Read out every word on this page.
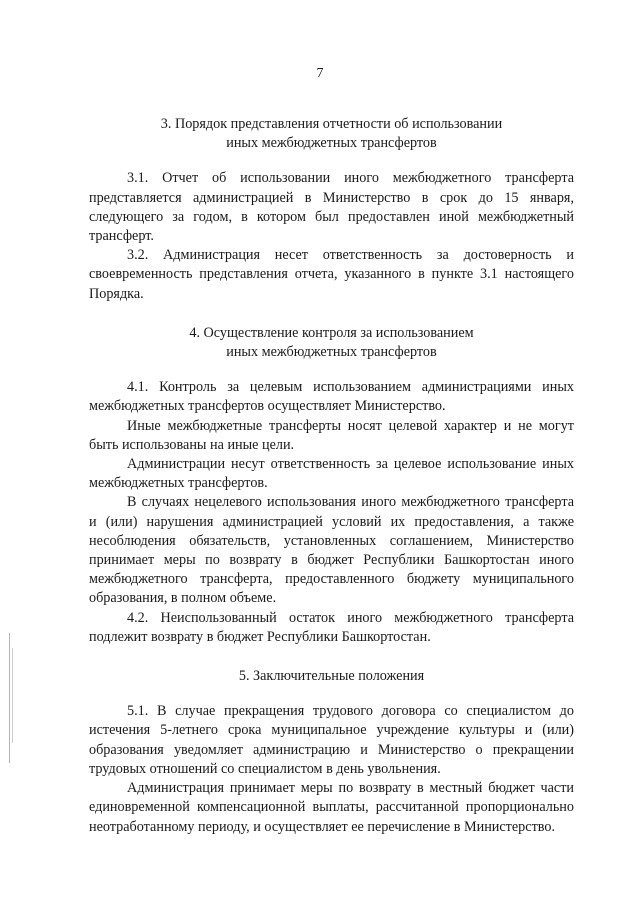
7
3. Порядок представления отчетности об использовании
иных межбюджетных трансфертов

3.1. Отчет об использовании иного межбюджетного трансферта представляется администрацией в Министерство в срок до 15 января, следующего за годом, в котором был предоставлен иной межбюджетный трансферт.

3.2. Администрация несет ответственность за достоверность и своевременность представления отчета, указанного в пункте 3.1 настоящего Порядка.

4. Осуществление контроля за использованием
иных межбюджетных трансфертов

4.1. Контроль за целевым использованием администрациями иных межбюджетных трансфертов осуществляет Министерство.

Иные межбюджетные трансферты носят целевой характер и не могут быть использованы на иные цели.

Администрации несут ответственность за целевое использование иных межбюджетных трансфертов.

В случаях нецелевого использования иного межбюджетного трансферта и (или) нарушения администрацией условий их предоставления, а также несоблюдения обязательств, установленных соглашением, Министерство принимает меры по возврату в бюджет Республики Башкортостан иного межбюджетного трансферта, предоставленного бюджету муниципального образования, в полном объеме.

4.2. Неиспользованный остаток иного межбюджетного трансферта подлежит возврату в бюджет Республики Башкортостан.

5. Заключительные положения

5.1. В случае прекращения трудового договора со специалистом до истечения 5-летнего срока муниципальное учреждение культуры и (или) образования уведомляет администрацию и Министерство о прекращении трудовых отношений со специалистом в день увольнения.

Администрация принимает меры по возврату в местный бюджет части единовременной компенсационной выплаты, рассчитанной пропорционально неотработанному периоду, и осуществляет ее перечисление в Министерство.
